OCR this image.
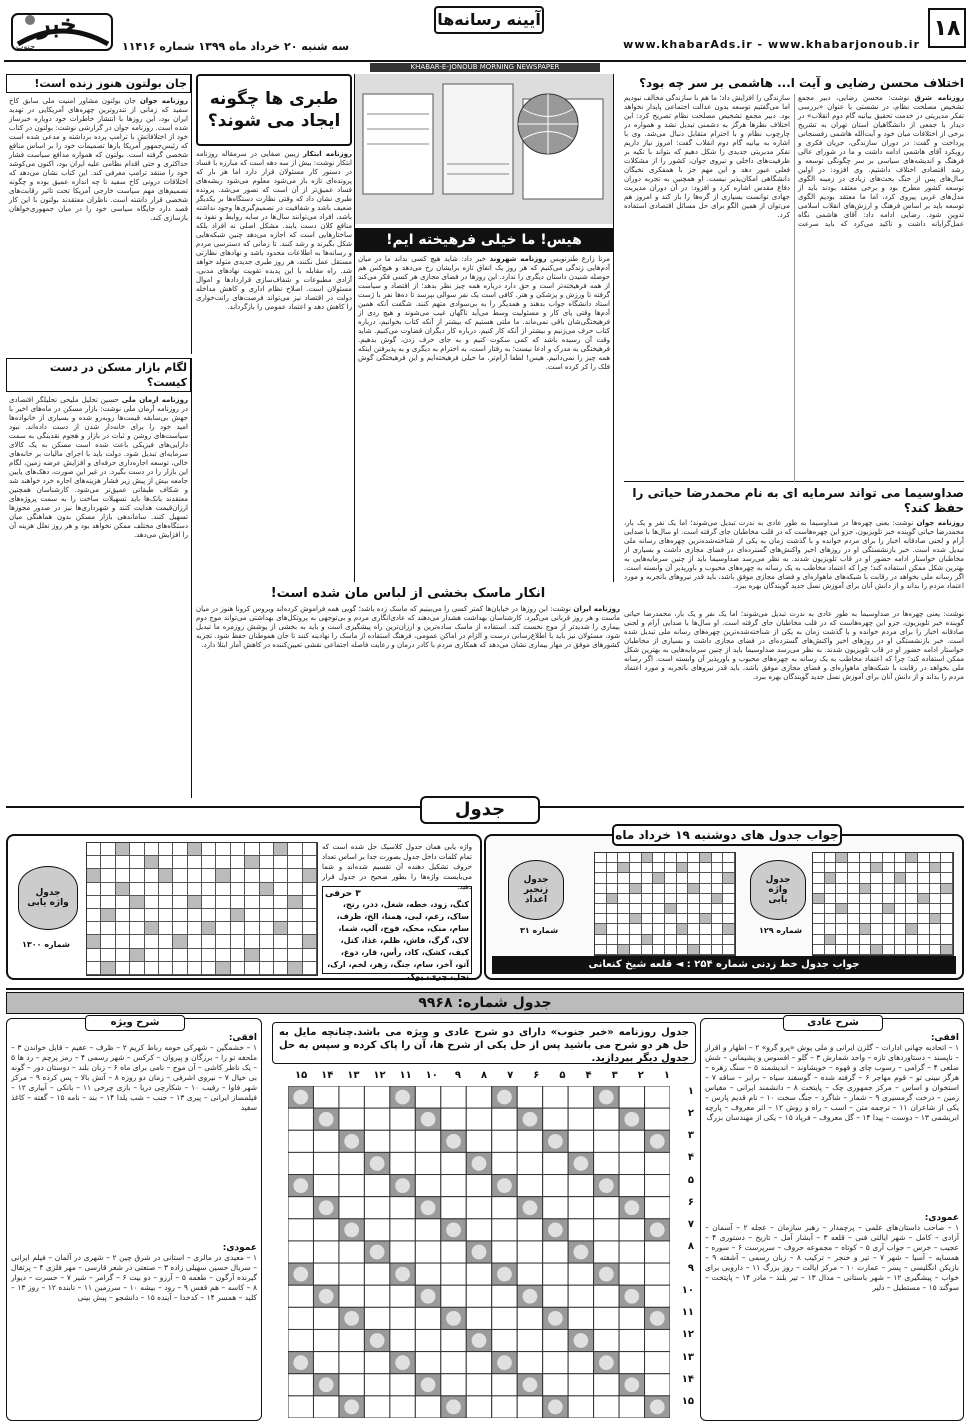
۱۸
www.khabarAds.ir - www.khabarjonoub.ir
آیینه رسانه‌ها
سه شنبه ۲۰ خرداد ماه ۱۳۹۹ شماره ۱۱۴۱۶
خبر
جنوب
KHABAR-E-JONOUB MORNING NEWSPAPER
اختلاف محسن رضایی و آیت ا... هاشمی بر سر چه بود؟
روزنامه شرق نوشت: محسن رضایی، دبیر مجمع تشخیص مصلحت نظام، در نشستی با عنوان «بررسی تفکر مدیریتی در خدمت تحقیق بیانیه گام دوم انقلاب» در دیدار با جمعی از دانشگاهیان استان تهران به تشریح برخی از اختلافات میان خود و آیت‌الله هاشمی رفسنجانی پرداخت و گفت: در دوران سازندگی، جریان فکری و رویکرد آقای هاشمی ادامه داشت و ما در شورای عالی فرهنگ و اندیشه‌های سیاسی بر سر چگونگی توسعه و رشد اقتصادی اختلاف داشتیم. وی افزود: در اولین سال‌های پس از جنگ بحث‌های زیادی در زمینه الگوی توسعه کشور مطرح بود و برخی معتقد بودند باید از مدل‌های غربی پیروی کرد، اما ما معتقد بودیم الگوی توسعه باید بر اساس فرهنگ و ارزش‌های انقلاب اسلامی تدوین شود. رضایی ادامه داد: آقای هاشمی نگاه عمل‌گرایانه داشت و تاکید می‌کرد که باید سرعت سازندگی را افزایش داد؛ ما هم با سازندگی مخالف نبودیم اما می‌گفتیم توسعه بدون عدالت اجتماعی پایدار نخواهد بود. دبیر مجمع تشخیص مصلحت نظام تصریح کرد: این اختلاف نظرها هرگز به دشمنی تبدیل نشد و همواره در چارچوب نظام و با احترام متقابل دنبال می‌شد. وی با اشاره به بیانیه گام دوم انقلاب گفت: امروز نیاز داریم تفکر مدیریتی جدیدی را شکل دهیم که بتواند با تکیه بر ظرفیت‌های داخلی و نیروی جوان، کشور را از مشکلات فعلی عبور دهد و این مهم جز با همفکری نخبگان دانشگاهی امکان‌پذیر نیست. او همچنین به تجربه دوران دفاع مقدس اشاره کرد و افزود: در آن دوران مدیریت جهادی توانست بسیاری از گره‌ها را باز کند و امروز هم می‌توان از همین الگو برای حل مسائل اقتصادی استفاده کرد.
هیس! ما خیلی فرهیخته ایم!
مرتا زارع طنزنویس روزنامه شهروند خبر داد: شاید هیچ کسی نداند ما در میان آدم‌هایی زندگی می‌کنیم که هر روز یک اتفاق تازه برایشان رخ می‌دهد و هیچ‌کس هم حوصله شنیدن داستان دیگری را ندارد. این روزها در فضای مجازی هر کسی فکر می‌کند از همه فرهیخته‌تر است و حق دارد درباره همه چیز نظر بدهد؛ از اقتصاد و سیاست گرفته تا ورزش و پزشکی و هنر. کافی است یک نفر سوالی بپرسد تا ده‌ها نفر با ژست استاد دانشگاه جواب بدهند و همدیگر را به بی‌سوادی متهم کنند. شگفت آنکه همین آدم‌ها وقتی پای کار و مسئولیت وسط می‌آید ناگهان غیب می‌شوند و هیچ ردی از فرهیختگی‌شان باقی نمی‌ماند. ما ملتی هستیم که بیشتر از آنکه کتاب بخوانیم، درباره کتاب حرف می‌زنیم و بیشتر از آنکه کار کنیم، درباره کار دیگران قضاوت می‌کنیم. شاید وقت آن رسیده باشد که کمی سکوت کنیم و به جای حرف زدن، گوش بدهیم. فرهیختگی به مدرک و ادعا نیست؛ به رفتار است، به احترام به دیگری و به پذیرفتن اینکه همه چیز را نمی‌دانیم. هیس! لطفا آرام‌تر، ما خیلی فرهیخته‌ایم و این فرهیختگی گوش فلک را کر کرده است.
طبری ها چگونه ایجاد می شوند؟
روزنامه ابتکار زیبین صفایی در سرمقاله روزنامه ابتکار نوشت: بیش از سه دهه است که مبارزه با فساد در دستور کار مسئولان قرار دارد اما هر بار که پرونده‌ای تازه باز می‌شود معلوم می‌شود ریشه‌های فساد عمیق‌تر از آن است که تصور می‌شد. پرونده طبری نشان داد که وقتی نظارت دستگاه‌ها بر یکدیگر ضعیف باشد و شفافیت در تصمیم‌گیری‌ها وجود نداشته باشد، افراد می‌توانند سال‌ها در سایه روابط و نفوذ به منافع کلان دست یابند. مشکل اصلی نه افراد بلکه ساختارهایی است که اجازه می‌دهد چنین شبکه‌هایی شکل بگیرند و رشد کنند. تا زمانی که دسترسی مردم و رسانه‌ها به اطلاعات محدود باشد و نهادهای نظارتی مستقل عمل نکنند، هر روز طبری جدیدی متولد خواهد شد. راه مقابله با این پدیده تقویت نهادهای مدنی، آزادی مطبوعات و شفاف‌سازی قراردادها و اموال مسئولان است. اصلاح نظام اداری و کاهش مداخله دولت در اقتصاد نیز می‌تواند فرصت‌های رانت‌خواری را کاهش دهد و اعتماد عمومی را بازگرداند.
جان بولتون هنوز زنده است!
روزنامه جوان جان بولتون مشاور امنیت ملی سابق کاخ سفید که زمانی از تندروترین چهره‌های آمریکایی در تهدید ایران بود، این روزها با انتشار خاطرات خود دوباره خبرساز شده است. روزنامه جوان در گزارشی نوشت: بولتون در کتاب خود از اختلافاتش با ترامپ پرده برداشته و مدعی شده است که رئیس‌جمهور آمریکا بارها تصمیمات خود را بر اساس منافع شخصی گرفته است. بولتون که همواره مدافع سیاست فشار حداکثری و حتی اقدام نظامی علیه ایران بود، اکنون می‌کوشد خود را منتقد ترامپ معرفی کند. این کتاب نشان می‌دهد که اختلافات درونی کاخ سفید تا چه اندازه عمیق بوده و چگونه تصمیم‌های مهم سیاست خارجی آمریکا تحت تاثیر رقابت‌های شخصی قرار داشته است. ناظران معتقدند بولتون با این کار قصد دارد جایگاه سیاسی خود را در میان جمهوری‌خواهان بازسازی کند.
لگام بازار مسکن در دست کیست؟
روزنامه آرمان ملی حسین تحلیل ملیحی تحلیلگر اقتصادی در روزنامه آرمان ملی نوشت: بازار مسکن در ماه‌های اخیر با جهش بی‌سابقه قیمت‌ها روبه‌رو شده و بسیاری از خانواده‌ها امید خود را برای خانه‌دار شدن از دست داده‌اند. نبود سیاست‌های روشن و ثبات در بازار و هجوم نقدینگی به سمت دارایی‌های فیزیکی باعث شده است مسکن به یک کالای سرمایه‌ای تبدیل شود. دولت باید با اجرای مالیات بر خانه‌های خالی، توسعه اجاره‌داری حرفه‌ای و افزایش عرضه زمین، لگام این بازار را در دست بگیرد. در غیر این صورت، دهک‌های پایین جامعه بیش از پیش زیر فشار هزینه‌های اجاره خرد خواهند شد و شکاف طبقاتی عمیق‌تر می‌شود. کارشناسان همچنین معتقدند بانک‌ها باید تسهیلات ساخت را به سمت پروژه‌های ارزان‌قیمت هدایت کنند و شهرداری‌ها نیز در صدور مجوزها تسهیل کنند. ساماندهی بازار مسکن بدون هماهنگی میان دستگاه‌های مختلف ممکن نخواهد بود و هر روز تعلل هزینه آن را افزایش می‌دهد.
صداوسیما می تواند سرمایه ای به نام محمدرضا حیاتی را حفظ کند؟
روزنامه جوان نوشت: یعنی چهره‌ها در صداوسیما به طور عادی به ندرت تبدیل می‌شوند؛ اما یک نفر و یک بار، محمدرضا حیاتی گوینده خبر تلویزیون، جزو این چهره‌هاست که در قلب مخاطبان جای گرفته است. او سال‌ها با صدایی آرام و لحنی صادقانه اخبار را برای مردم خوانده و با گذشت زمان به یکی از شناخته‌شده‌ترین چهره‌های رسانه ملی تبدیل شده است. خبر بازنشستگی او در روزهای اخیر واکنش‌های گسترده‌ای در فضای مجازی داشت و بسیاری از مخاطبان خواستار ادامه حضور او در قاب تلویزیون شدند. به نظر می‌رسد صداوسیما باید از چنین سرمایه‌هایی به بهترین شکل ممکن استفاده کند؛ چرا که اعتماد مخاطب به یک رسانه به چهره‌های محبوب و باورپذیر آن وابسته است. اگر رسانه ملی بخواهد در رقابت با شبکه‌های ماهواره‌ای و فضای مجازی موفق باشد، باید قدر نیروهای باتجربه و مورد اعتماد مردم را بداند و از دانش آنان برای آموزش نسل جدید گویندگان بهره ببرد.
انکار ماسک بخشی از لباس مان شده است!
روزنامه ایران نوشت: این روزها در خیابان‌ها کمتر کسی را می‌بینیم که ماسک زده باشد؛ گویی همه فراموش کرده‌اند ویروس کرونا هنوز در میان ماست و هر روز قربانی می‌گیرد. کارشناسان بهداشت هشدار می‌دهند که عادی‌انگاری مردم و بی‌توجهی به پروتکل‌های بهداشتی می‌تواند موج دوم بیماری را شدیدتر از موج نخست کند. استفاده از ماسک ساده‌ترین و ارزان‌ترین راه پیشگیری است و باید به بخشی از پوشش روزمره ما تبدیل شود. مسئولان نیز باید با اطلاع‌رسانی درست و الزام در اماکن عمومی، فرهنگ استفاده از ماسک را نهادینه کنند تا جان هموطنان حفظ شود. تجربه کشورهای موفق در مهار بیماری نشان می‌دهد که همکاری مردم با کادر درمان و رعایت فاصله اجتماعی نقشی تعیین‌کننده در کاهش آمار ابتلا دارد.
نوشت: یعنی چهره‌ها در صداوسیما به طور عادی به ندرت تبدیل می‌شوند؛ اما یک نفر و یک بار، محمدرضا حیاتی گوینده خبر تلویزیون، جزو این چهره‌هاست که در قلب مخاطبان جای گرفته است. او سال‌ها با صدایی آرام و لحنی صادقانه اخبار را برای مردم خوانده و با گذشت زمان به یکی از شناخته‌شده‌ترین چهره‌های رسانه ملی تبدیل شده است. خبر بازنشستگی او در روزهای اخیر واکنش‌های گسترده‌ای در فضای مجازی داشت و بسیاری از مخاطبان خواستار ادامه حضور او در قاب تلویزیون شدند. به نظر می‌رسد صداوسیما باید از چنین سرمایه‌هایی به بهترین شکل ممکن استفاده کند؛ چرا که اعتماد مخاطب به یک رسانه به چهره‌های محبوب و باورپذیر آن وابسته است. اگر رسانه ملی بخواهد در رقابت با شبکه‌های ماهواره‌ای و فضای مجازی موفق باشد، باید قدر نیروهای باتجربه و مورد اعتماد مردم را بداند و از دانش آنان برای آموزش نسل جدید گویندگان بهره ببرد.
جدول
جواب جدول های دوشنبه ۱۹ خرداد ماه
جدول واژه یابی
شماره ۱۲۹
جدول زنجیر اعداد
شماره ۳۱
جواب جدول خط زدنی شماره ۲۵۴ : ◄ قلعه شیخ کنعانی
واژه یابی همان جدول کلاسیک حل شده است که تمام کلمات داخل جدول بصورت جدا بر اساس تعداد حروف تشکیل دهنده آن تقسیم شده‌اند و شما می‌بایست واژه‌ها را بطور صحیح در جدول قرار دهید.
۳ حرفی
کنگ، زود، خطه، شغل، ددر، رنج، ساک، رغم، لبی، همنا، الخ، ظرف، سام، منک، محک، فوج، آلپ، شما، لاک، گرگ، فاش، ظلم، غذا، کنل، کیف، کشک، کاد، رأس، قار، دوغ، آتو، آخر، سام، جنگ، زهر، لخم، ارک، نحل، جری، پوک
جدول واژه یابی
شماره ۱۳۰۰
جدول شماره: ۹۹۶۸
شرح عادی
افقی:
۱ – اتحادیه جهانی ادارات – گلزن ایرانی و ملی پوش «پرو گرو» ۲ – اظهار و اقرار – ناپسند – دستاوردهای تازه – واحد شمارش ۳ – گلو – افسوس و پشیمانی – شش ضلعی ۴ – گرامی – رسوب چای و قهوه – خویشاوند – اندیشمند ۵ – سنگ زهره – هرگز نبینی تو – قوم مهاجر ۶ – گرفته شده – گوسفند سیاه – برابر – ساقه ۷ – استخوان و اساس – مرکز جمهوری چک – پایتخت ۸ – دانشمند ایرانی – مقیاس زمین – درخت گرمسیری ۹ – شمار – شاگرد – جنگ سخت ۱۰ – نام قدیم پارس – یکی از شاعران ۱۱ – ترجمه متن – اسب – راه و روش ۱۲ – اثر معروف – پارچه ابریشمی ۱۳ – دوست – پیدا ۱۴ – گل معروف – فریاد ۱۵ – یکی از مهندسان بزرگ
عمودی:
۱ – صاحب داستان‌های علمی – پرچمدار – رهبر سازمان – عجله ۲ – آسمان – آزادی – کامل – شهر ایالتی فنی – قلعه ۳ – آبشار آمل – تاریخ – دستوری ۴ – عجیب – خرس – جواب آری ۵ – کوتاه – مجموعه حروف – سرپرست ۶ – سوره – همسایه – آسیا – شهر ۷ – تیر و خنجر – ترکیب ۸ – زبان رسمی – آشفته ۹ – بازیکن انگلیسی – پسر – عمارت ۱۰ – مرکز ایالت – روز بزرگ ۱۱ – دارویی برای خواب – پیشگیری ۱۲ – شهر باستانی – مدال ۱۳ – تیر بلند – مادر ۱۴ – پایتخت – سوگند ۱۵ – مستطیل – دلیر
شرح ویژه
افقی:
۱ – خشمگین – شهرکی حومه رباط کریم ۲ – ظرف – عقیم – قابل خواندن ۳ – ملحفه تو را – برزگان و پیروان – کرکس – شهر رسمی ۴ – رمز پرچم – رد ها ۵ – یک ناظر کاشی – آن موج – نامی برای ماه ۶ – زبان بلند – دوستان دور – گونه بی خیال ۷ – نیروی اشرفی – زمان دو روزه ۸ – آتش بالا – پس کرده ۹ – مرکز شهر فاوا – رقیب ۱۰ – شکارچی دریا – بازی چرخی ۱۱ – بانکی – آبیاری ۱۲ – فیلمساز ایرانی – پیری ۱۳ – جنب – شب یلدا ۱۴ – بند – نامه ۱۵ – گفته – کاغذ سفید
عمودی:
۱ – معیدی در مالزی – استانی در شرق چین ۲ – شهری در آلمان – فیلم ایرانی – سریال حسین سهیلی زاده ۳ – صنعتی در شعر قارسی – مهر فلزی ۴ – پرتقال گیرنده آرگون – طعمه ۵ – آرزو – دو بیت ۶ – گرامر – شیر ۷ – حسرت – دیوار ۸ – کاسه – هم قفس ۹ – رود – بیشه ۱۰ – سرزمین ۱۱ – تابنده ۱۲ – روز ۱۳ – کلید – همسر ۱۴ – کدخدا – آینده ۱۵ – دانشجو – پیش بینی
جدول روزنامه «خبر جنوب» دارای دو شرح عادی و ویژه می باشد.چنانچه مایل به حل هر دو شرح می باشید پس از حل یکی از شرح ها، آن را پاک کرده و سپس به حل جدول دیگر بپردازید.
۱
۲
۳
۴
۵
۶
۷
۸
۹
۱۰
۱۱
۱۲
۱۳
۱۴
۱۵
۱
۲
۳
۴
۵
۶
۷
۸
۹
۱۰
۱۱
۱۲
۱۳
۱۴
۱۵
